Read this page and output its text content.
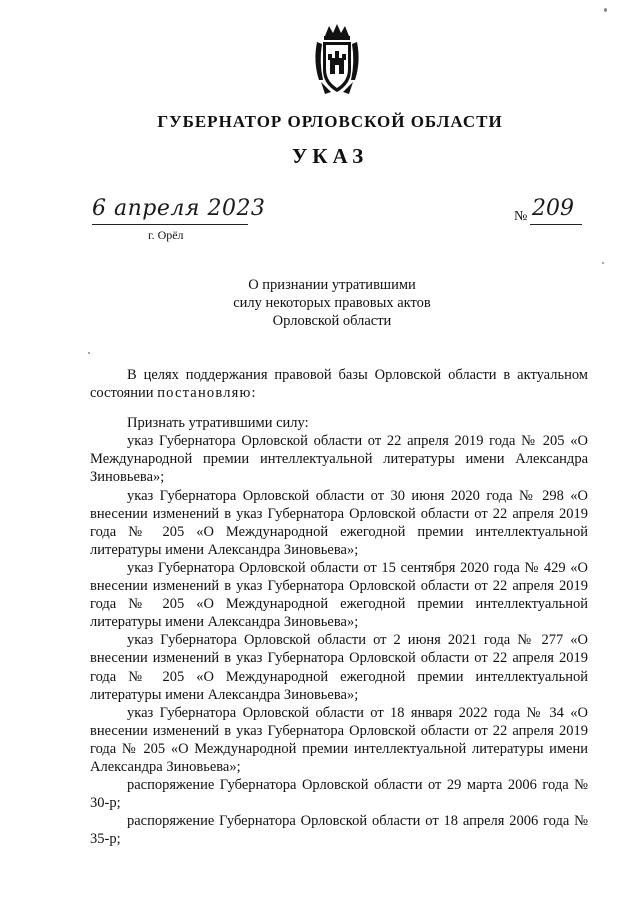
ГУБЕРНАТОР ОРЛОВСКОЙ ОБЛАСТИ
УКАЗ
6 апреля 2023
г. Орёл
№ 209
О признании утратившими
силу некоторых правовых актов
Орловской области

В целях поддержания правовой базы Орловской области в актуальном состоянии постановляю:

Признать утратившими силу:

указ Губернатора Орловской области от 22 апреля 2019 года № 205 «О Международной премии интеллектуальной литературы имени Александра Зиновьева»;

указ Губернатора Орловской области от 30 июня 2020 года № 298 «О внесении изменений в указ Губернатора Орловской области от 22 апреля 2019 года № 205 «О Международной ежегодной премии интеллектуальной литературы имени Александра Зиновьева»;

указ Губернатора Орловской области от 15 сентября 2020 года № 429 «О внесении изменений в указ Губернатора Орловской области от 22 апреля 2019 года № 205 «О Международной ежегодной премии интеллектуальной литературы имени Александра Зиновьева»;

указ Губернатора Орловской области от 2 июня 2021 года № 277 «О внесении изменений в указ Губернатора Орловской области от 22 апреля 2019 года № 205 «О Международной ежегодной премии интеллектуальной литературы имени Александра Зиновьева»;

указ Губернатора Орловской области от 18 января 2022 года № 34 «О внесении изменений в указ Губернатора Орловской области от 22 апреля 2019 года № 205 «О Международной премии интеллектуальной литературы имени Александра Зиновьева»;

распоряжение Губернатора Орловской области от 29 марта 2006 года № 30-р;

распоряжение Губернатора Орловской области от 18 апреля 2006 года № 35-р;
